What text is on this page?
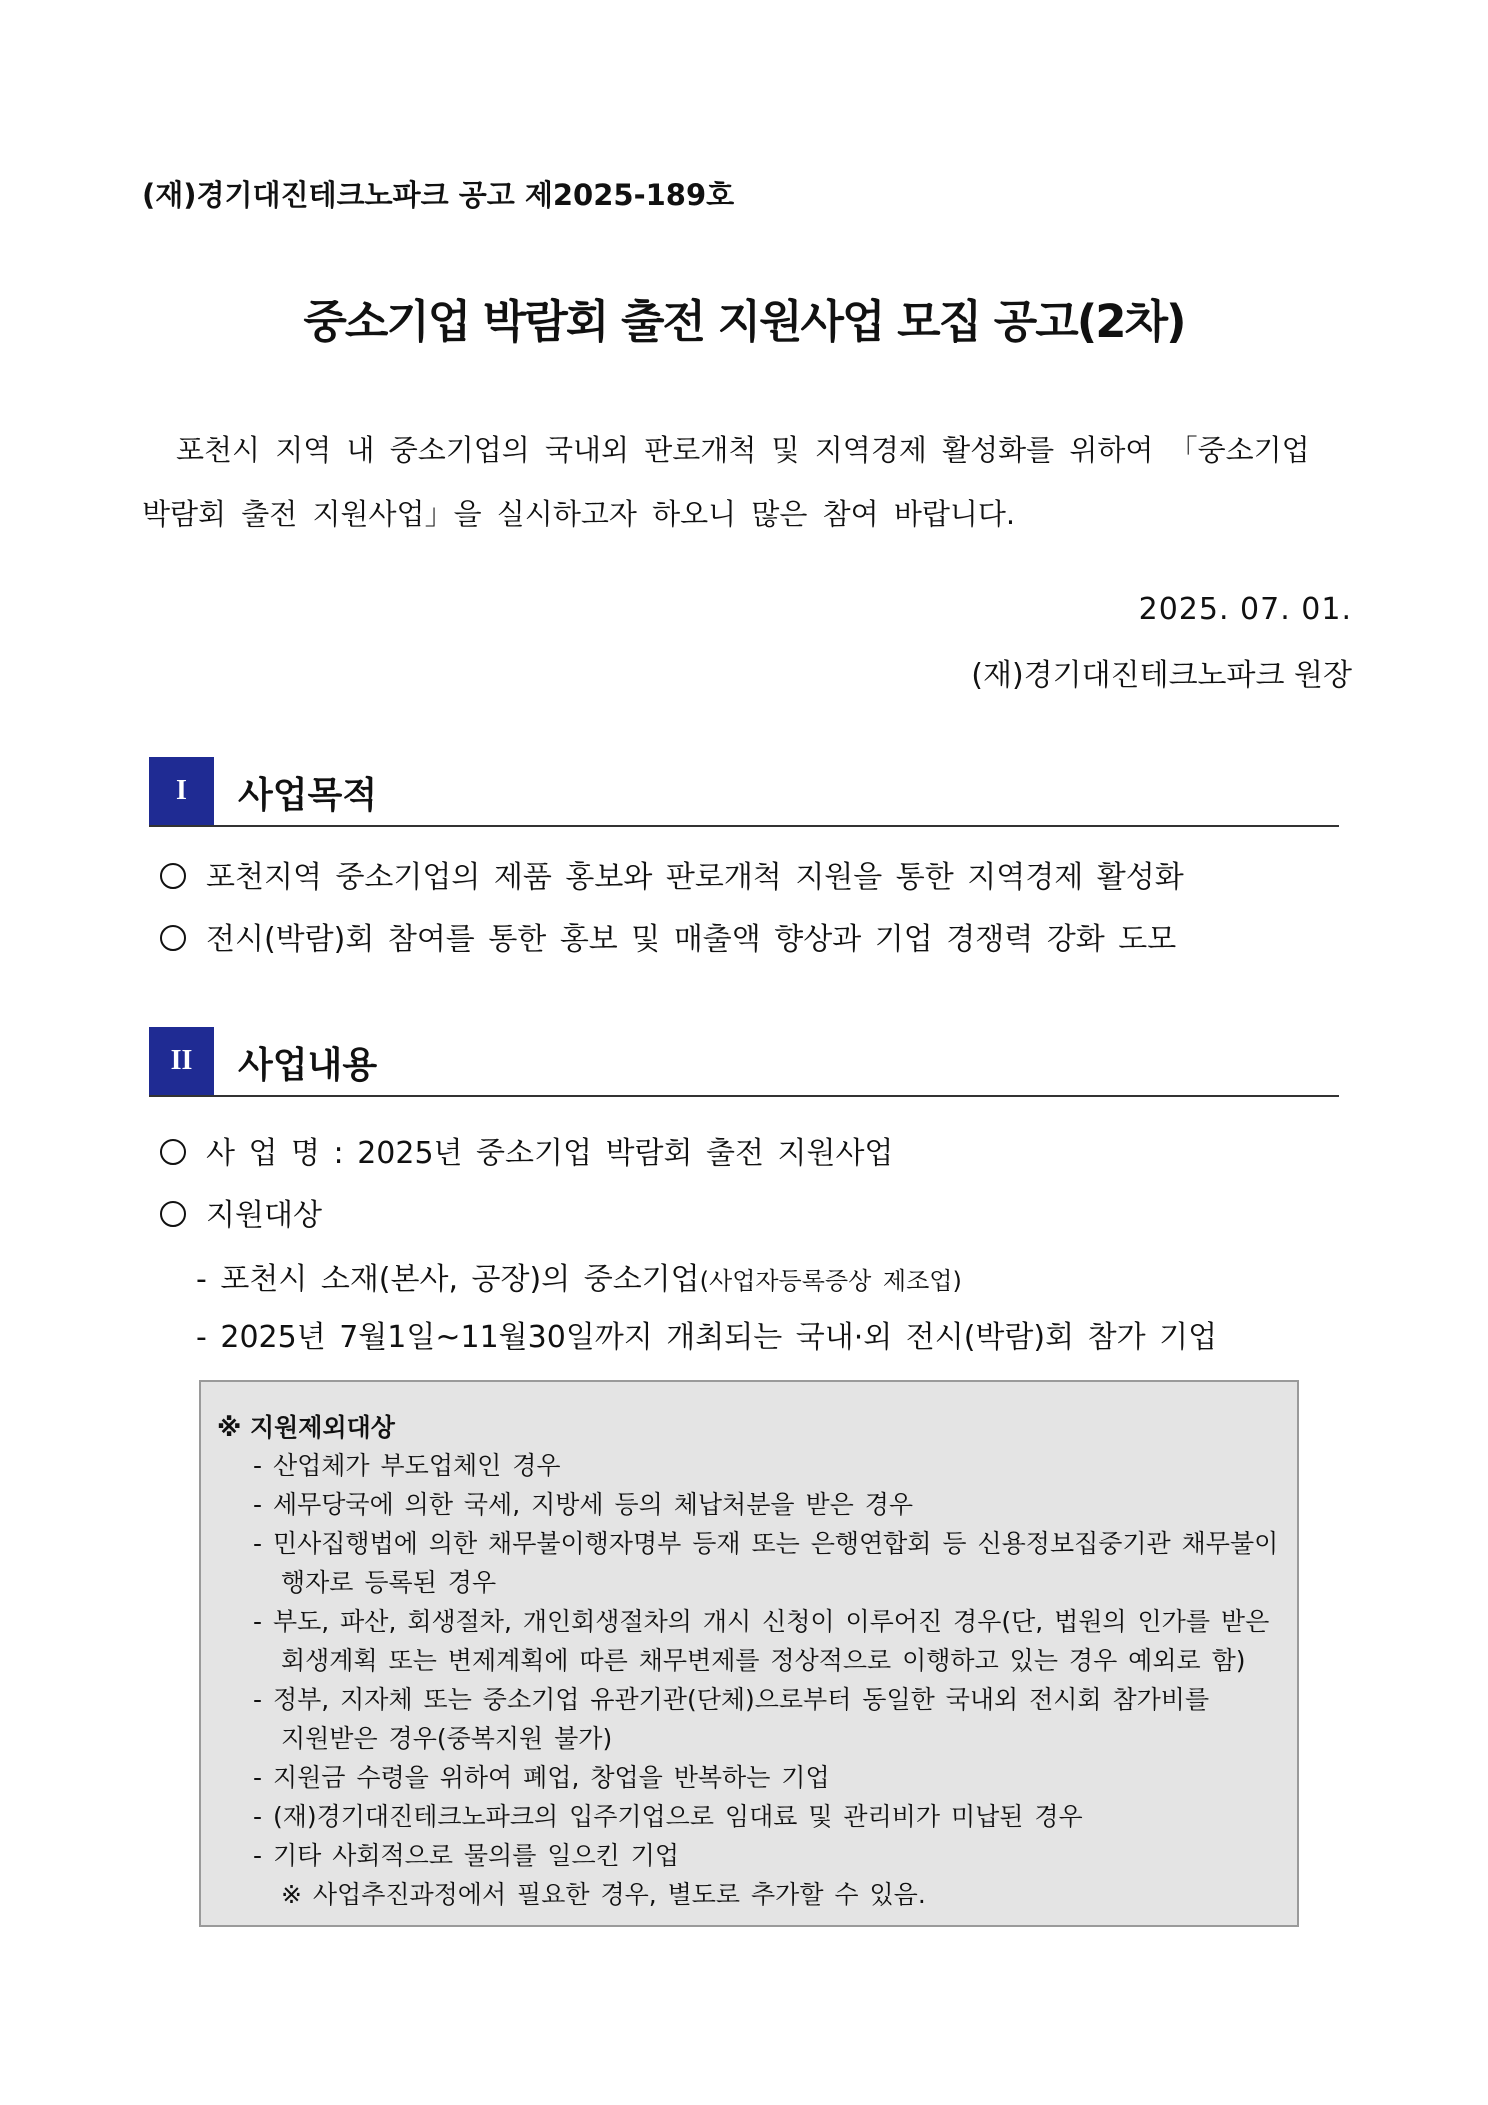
(재)경기대진테크노파크 공고 제2025-189호
중소기업 박람회 출전 지원사업 모집 공고(2차)
포천시 지역 내 중소기업의 국내외 판로개척 및 지역경제 활성화를 위하여 「중소기업 박람회 출전 지원사업」을 실시하고자 하오니 많은 참여 바랍니다.
2025. 07. 01.
(재)경기대진테크노파크 원장
I	사업목적
포천지역 중소기업의 제품 홍보와 판로개척 지원을 통한 지역경제 활성화
전시(박람)회 참여를 통한 홍보 및 매출액 향상과 기업 경쟁력 강화 도모
II	사업내용
사 업 명 : 2025년 중소기업 박람회 출전 지원사업
지원대상
- 포천시 소재(본사, 공장)의 중소기업(사업자등록증상 제조업)
- 2025년 7월1일~11월30일까지 개최되는 국내·외 전시(박람)회 참가 기업
※ 지원제외대상
- 산업체가 부도업체인 경우
- 세무당국에 의한 국세, 지방세 등의 체납처분을 받은 경우
- 민사집행법에 의한 채무불이행자명부 등재 또는 은행연합회 등 신용정보집중기관 채무불이
행자로 등록된 경우
- 부도, 파산, 회생절차, 개인회생절차의 개시 신청이 이루어진 경우(단, 법원의 인가를 받은
회생계획 또는 변제계획에 따른 채무변제를 정상적으로 이행하고 있는 경우 예외로 함)
- 정부, 지자체 또는 중소기업 유관기관(단체)으로부터 동일한 국내외 전시회 참가비를
지원받은 경우(중복지원 불가)
- 지원금 수령을 위하여 폐업, 창업을 반복하는 기업
- (재)경기대진테크노파크의 입주기업으로 임대료 및 관리비가 미납된 경우
- 기타 사회적으로 물의를 일으킨 기업
※ 사업추진과정에서 필요한 경우, 별도로 추가할 수 있음.
